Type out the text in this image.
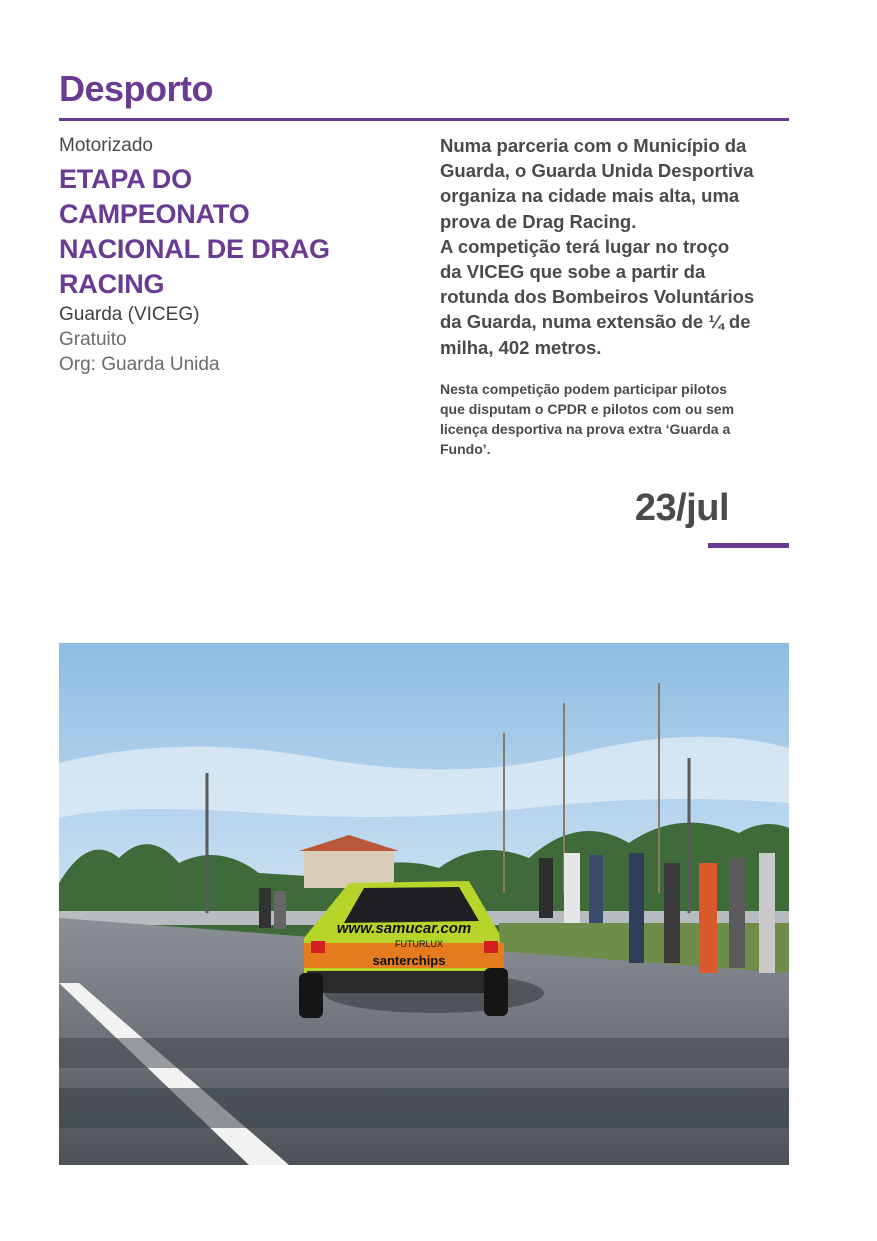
Desporto
Motorizado
ETAPA DO
CAMPEONATO
NACIONAL DE DRAG
RACING
Guarda (VICEG)
Gratuito
Org: Guarda Unida

Numa parceria com o Município da
Guarda, o Guarda Unida Desportiva
organiza na cidade mais alta, uma
prova de Drag Racing.
A competição terá lugar no troço
da VICEG que sobe a partir da
rotunda dos Bombeiros Voluntários
da Guarda, numa extensão de ¼ de
milha, 402 metros.

Nesta competição podem participar pilotos
que disputam o CPDR e pilotos com ou sem
licença desportiva na prova extra ‘Guarda a
Fundo’.

23/jul
www.samucar.com
FUTURLUX
santerchips
